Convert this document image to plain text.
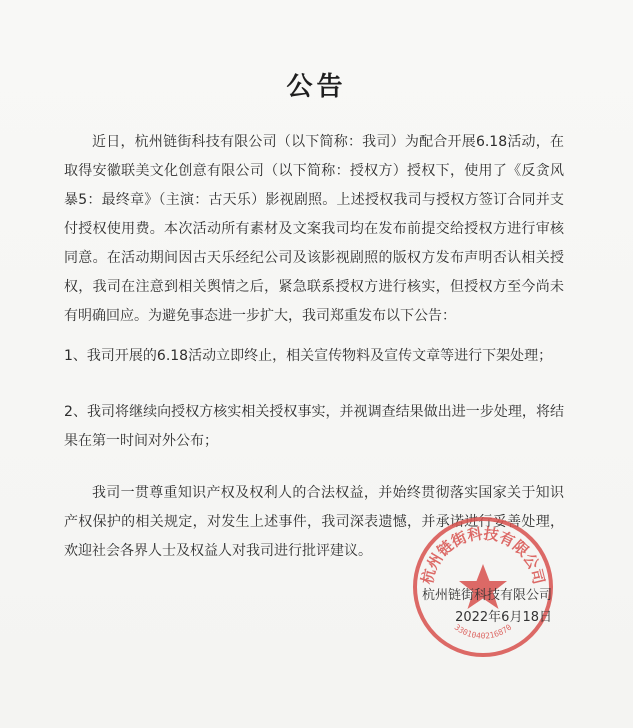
公告

近日，杭州链街科技有限公司（以下简称：我司）为配合开展6.18活动，在取得安徽联美文化创意有限公司（以下简称：授权方）授权下，使用了《反贪风暴5：最终章》（主演：古天乐）影视剧照。上述授权我司与授权方签订合同并支付授权使用费。本次活动所有素材及文案我司均在发布前提交给授权方进行审核同意。在活动期间因古天乐经纪公司及该影视剧照的版权方发布声明否认相关授权，我司在注意到相关舆情之后，紧急联系授权方进行核实，但授权方至今尚未有明确回应。为避免事态进一步扩大，我司郑重发布以下公告：

1、我司开展的6.18活动立即终止，相关宣传物料及宣传文章等进行下架处理；

2、我司将继续向授权方核实相关授权事实，并视调查结果做出进一步处理，将结果在第一时间对外公布；

我司一贯尊重知识产权及权利人的合法权益，并始终贯彻落实国家关于知识产权保护的相关规定，对发生上述事件，我司深表遗憾，并承诺进行妥善处理，欢迎社会各界人士及权益人对我司进行批评建议。

杭州链街科技有限公司
3301040216870
杭州链街科技有限公司
2022年6月18日
